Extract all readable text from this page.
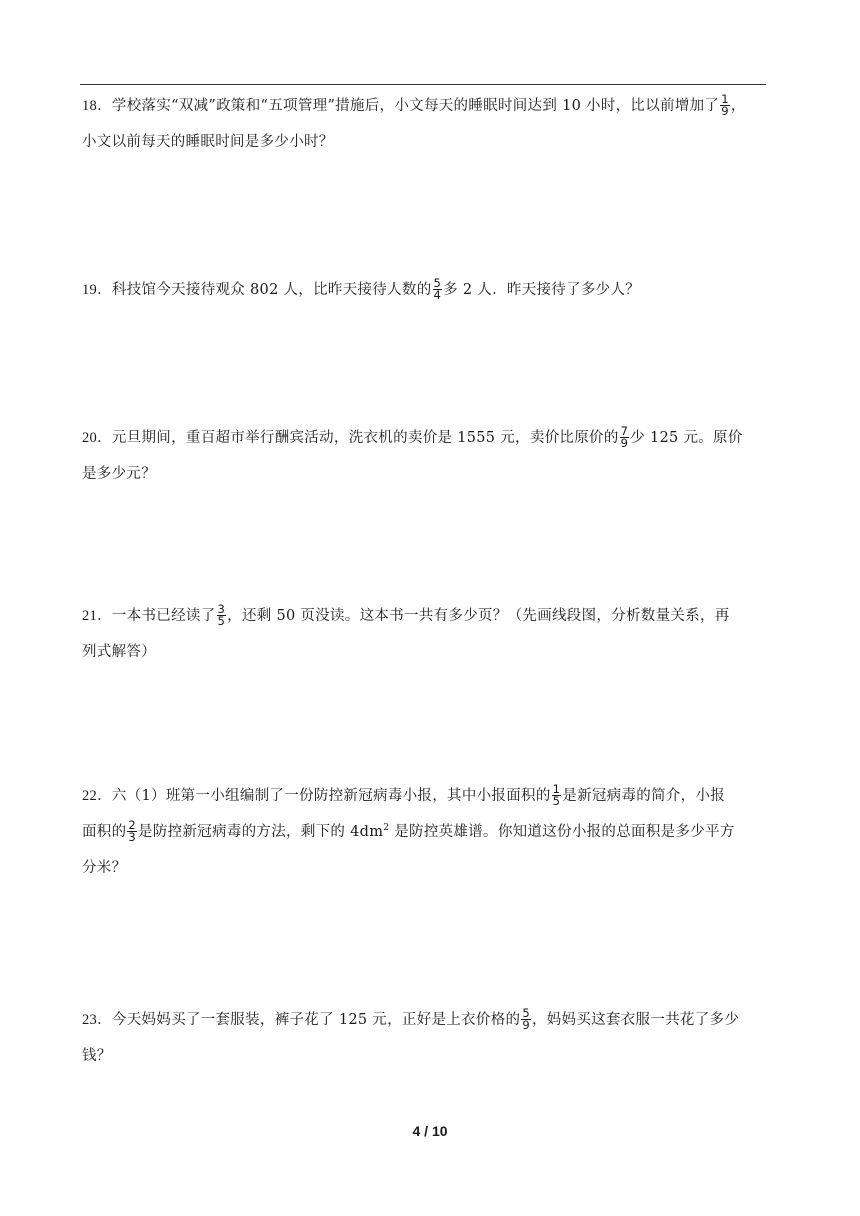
18．学校落实“双减”政策和“五项管理”措施后，小文每天的睡眠时间达到 10 小时，比以前增加了 $\frac{1}{9}$ ，
小文以前每天的睡眠时间是多少小时？
19．科技馆今天接待观众 802 人，比昨天接待人数的 $\frac{5}{4}$ 多 2 人．昨天接待了多少人？
20．元旦期间，重百超市举行酬宾活动，洗衣机的卖价是 1555 元，卖价比原价的 $\frac{7}{9}$ 少 125 元。原价
是多少元？
21．一本书已经读了 $\frac{3}{5}$ ，还剩 50 页没读。这本书一共有多少页？（先画线段图，分析数量关系，再
列式解答）
22．六（1）班第一小组编制了一份防控新冠病毒小报，其中小报面积的 $\frac{1}{5}$ 是新冠病毒的简介，小报
面积的 $\frac{2}{3}$ 是防控新冠病毒的方法，剩下的 $4dm^2$ 是防控英雄谱。你知道这份小报的总面积是多少平方
分米？
23．今天妈妈买了一套服装，裤子花了 125 元，正好是上衣价格的 $\frac{5}{9}$ ，妈妈买这套衣服一共花了多少
钱？
4 / 10
